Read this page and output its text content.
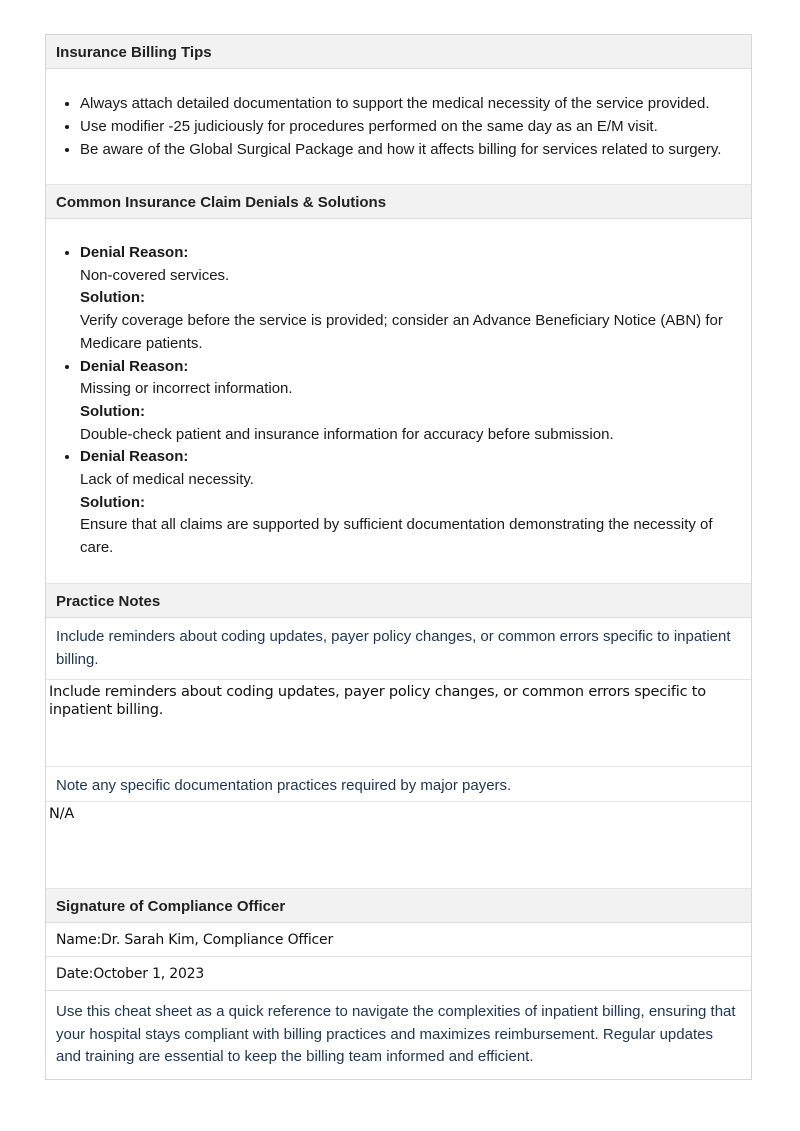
Insurance Billing Tips
• Always attach detailed documentation to support the medical necessity of the service provided.
• Use modifier -25 judiciously for procedures performed on the same day as an E/M visit.
• Be aware of the Global Surgical Package and how it affects billing for services related to surgery.
Common Insurance Claim Denials & Solutions
• Denial Reason:
Non-covered services.
Solution:
Verify coverage before the service is provided; consider an Advance Beneficiary Notice (ABN) for Medicare patients.
• Denial Reason:
Missing or incorrect information.
Solution:
Double-check patient and insurance information for accuracy before submission.
• Denial Reason:
Lack of medical necessity.
Solution:
Ensure that all claims are supported by sufficient documentation demonstrating the necessity of care.
Practice Notes
Include reminders about coding updates, payer policy changes, or common errors specific to inpatient billing.
Include reminders about coding updates, payer policy changes, or common errors specific to inpatient billing.
Note any specific documentation practices required by major payers.
N/A
Signature of Compliance Officer
Name:Dr. Sarah Kim, Compliance Officer
Date:October 1, 2023
Use this cheat sheet as a quick reference to navigate the complexities of inpatient billing, ensuring that your hospital stays compliant with billing practices and maximizes reimbursement. Regular updates and training are essential to keep the billing team informed and efficient.
